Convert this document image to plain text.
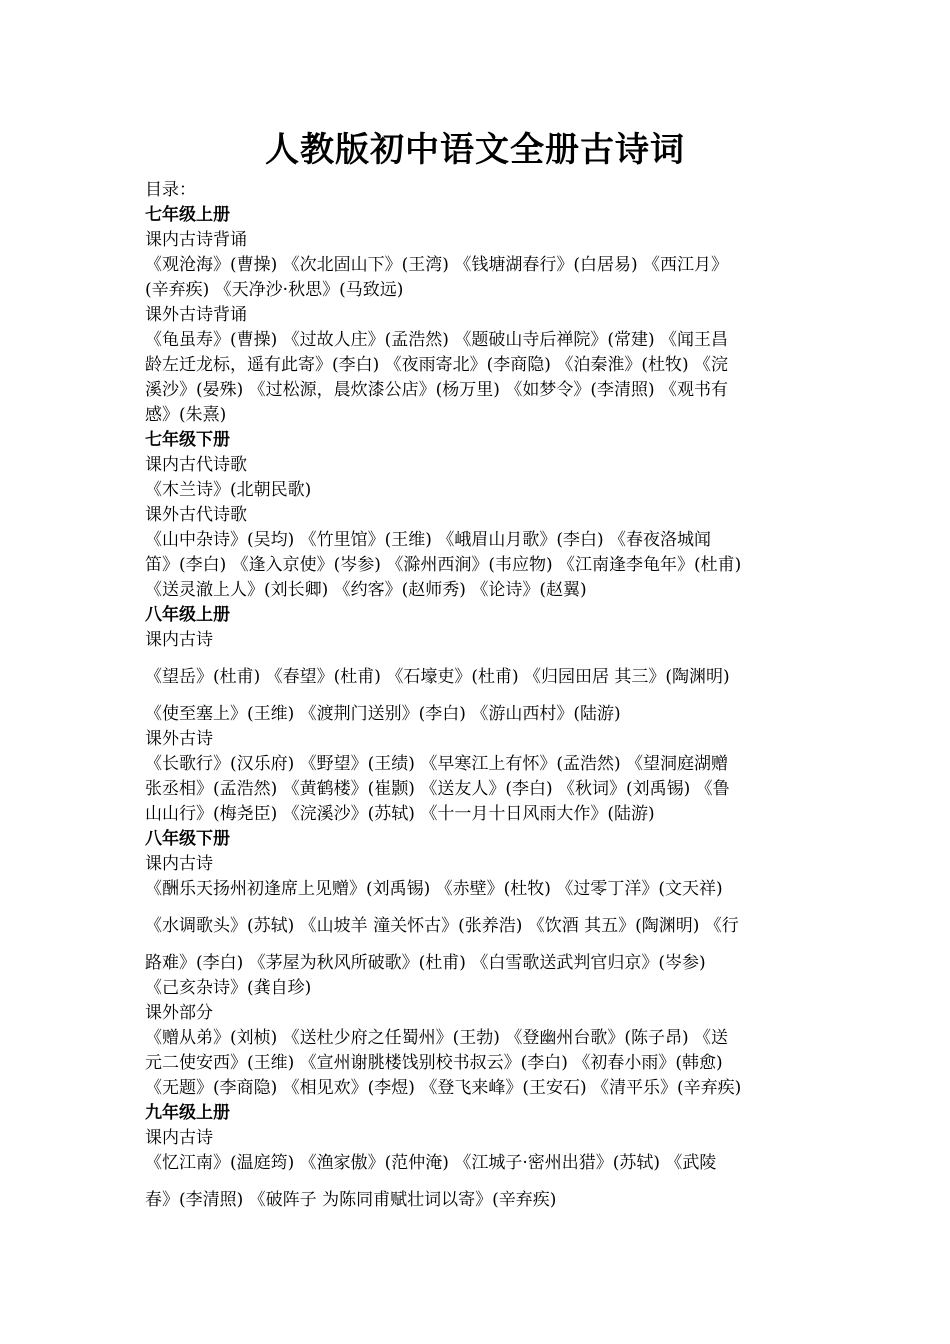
人教版初中语文全册古诗词
目录：
七年级上册
课内古诗背诵
《观沧海》(曹操) 《次北固山下》(王湾) 《钱塘湖春行》(白居易) 《西江月》
(辛弃疾) 《天净沙·秋思》(马致远)
课外古诗背诵
《龟虽寿》(曹操) 《过故人庄》(孟浩然) 《题破山寺后禅院》(常建) 《闻王昌
龄左迁龙标，遥有此寄》(李白) 《夜雨寄北》(李商隐) 《泊秦淮》(杜牧) 《浣
溪沙》(晏殊) 《过松源，晨炊漆公店》(杨万里) 《如梦令》(李清照) 《观书有
感》(朱熹)
七年级下册
课内古代诗歌
《木兰诗》(北朝民歌)
课外古代诗歌
《山中杂诗》(吴均) 《竹里馆》(王维) 《峨眉山月歌》(李白) 《春夜洛城闻
笛》(李白) 《逢入京使》(岑参) 《滁州西涧》(韦应物) 《江南逢李龟年》(杜甫)
《送灵澈上人》(刘长卿) 《约客》(赵师秀) 《论诗》(赵翼)
八年级上册
课内古诗
《望岳》(杜甫) 《春望》(杜甫) 《石壕吏》(杜甫) 《归园田居 其三》(陶渊明)
《使至塞上》(王维) 《渡荆门送别》(李白) 《游山西村》(陆游)
课外古诗
《长歌行》(汉乐府) 《野望》(王绩) 《早寒江上有怀》(孟浩然) 《望洞庭湖赠
张丞相》(孟浩然) 《黄鹤楼》(崔颢) 《送友人》(李白) 《秋词》(刘禹锡) 《鲁
山山行》(梅尧臣) 《浣溪沙》(苏轼) 《十一月十日风雨大作》(陆游)
八年级下册
课内古诗
《酬乐天扬州初逢席上见赠》(刘禹锡) 《赤壁》(杜牧) 《过零丁洋》(文天祥)
《水调歌头》(苏轼) 《山坡羊 潼关怀古》(张养浩) 《饮酒 其五》(陶渊明) 《行
路难》(李白) 《茅屋为秋风所破歌》(杜甫) 《白雪歌送武判官归京》(岑参)
《己亥杂诗》(龚自珍)
课外部分
《赠从弟》(刘桢) 《送杜少府之任蜀州》(王勃) 《登幽州台歌》(陈子昂) 《送
元二使安西》(王维) 《宣州谢朓楼饯别校书叔云》(李白) 《初春小雨》(韩愈)
《无题》(李商隐) 《相见欢》(李煜) 《登飞来峰》(王安石) 《清平乐》(辛弃疾)
九年级上册
课内古诗
《忆江南》(温庭筠) 《渔家傲》(范仲淹) 《江城子·密州出猎》(苏轼) 《武陵
春》(李清照) 《破阵子 为陈同甫赋壮词以寄》(辛弃疾)
